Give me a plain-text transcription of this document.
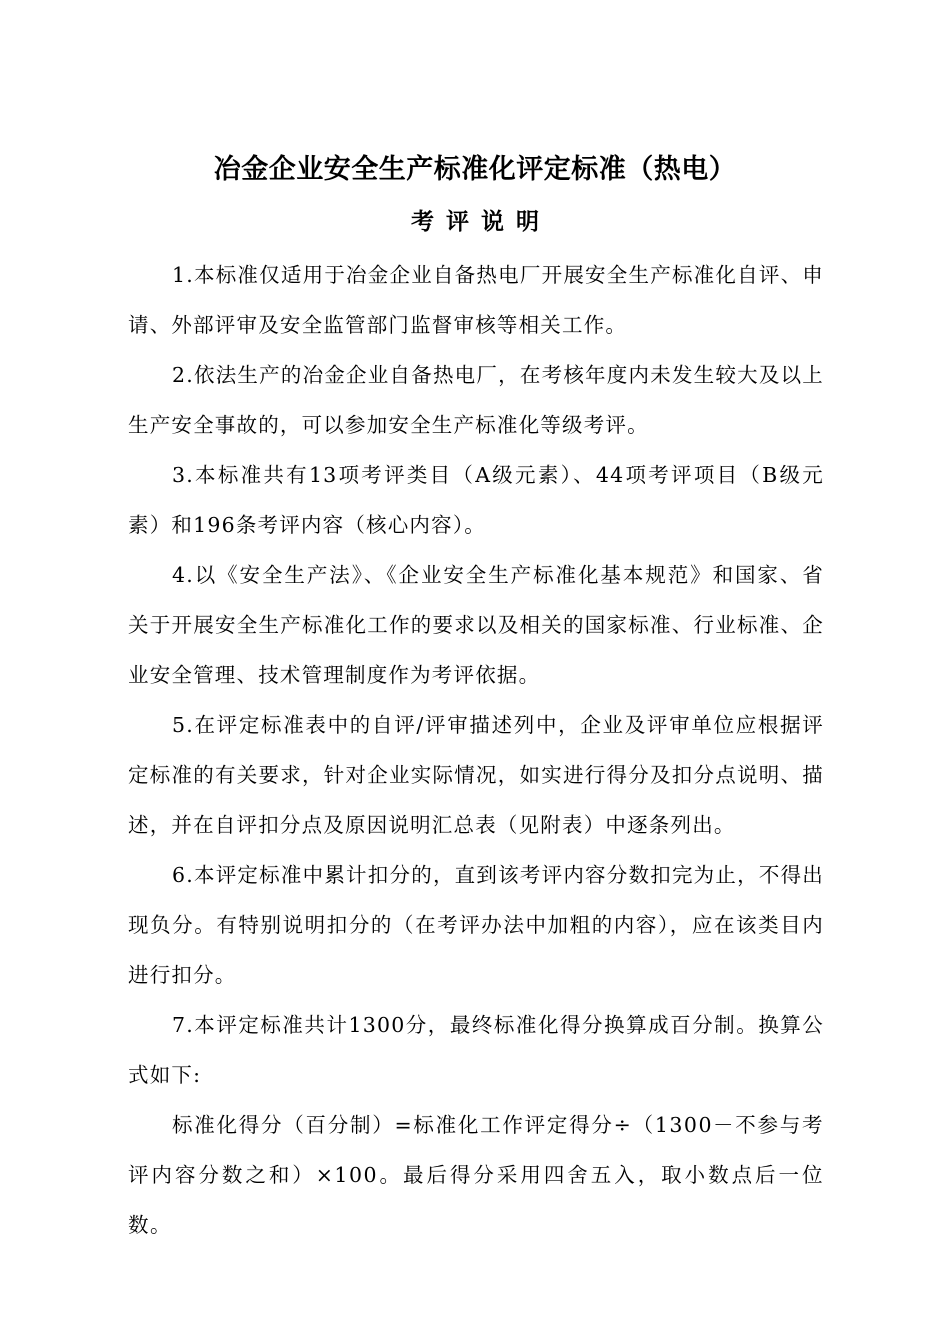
冶金企业安全生产标准化评定标准（热电）
考评说明

1.本标准仅适用于冶金企业自备热电厂开展安全生产标准化自评、申请、外部评审及安全监管部门监督审核等相关工作。

2.依法生产的冶金企业自备热电厂，在考核年度内未发生较大及以上生产安全事故的，可以参加安全生产标准化等级考评。

3.本标准共有13项考评类目（A级元素）、44项考评项目（B级元素）和196条考评内容（核心内容）。

4.以《安全生产法》、《企业安全生产标准化基本规范》和国家、省关于开展安全生产标准化工作的要求以及相关的国家标准、行业标准、企业安全管理、技术管理制度作为考评依据。

5.在评定标准表中的自评/评审描述列中，企业及评审单位应根据评定标准的有关要求，针对企业实际情况，如实进行得分及扣分点说明、描述，并在自评扣分点及原因说明汇总表（见附表）中逐条列出。

6.本评定标准中累计扣分的，直到该考评内容分数扣完为止，不得出现负分。有特别说明扣分的（在考评办法中加粗的内容），应在该类目内进行扣分。

7.本评定标准共计1300分，最终标准化得分换算成百分制。换算公式如下:

标准化得分（百分制）=标准化工作评定得分÷（1300－不参与考评内容分数之和）×100。最后得分采用四舍五入，取小数点后一位数。
